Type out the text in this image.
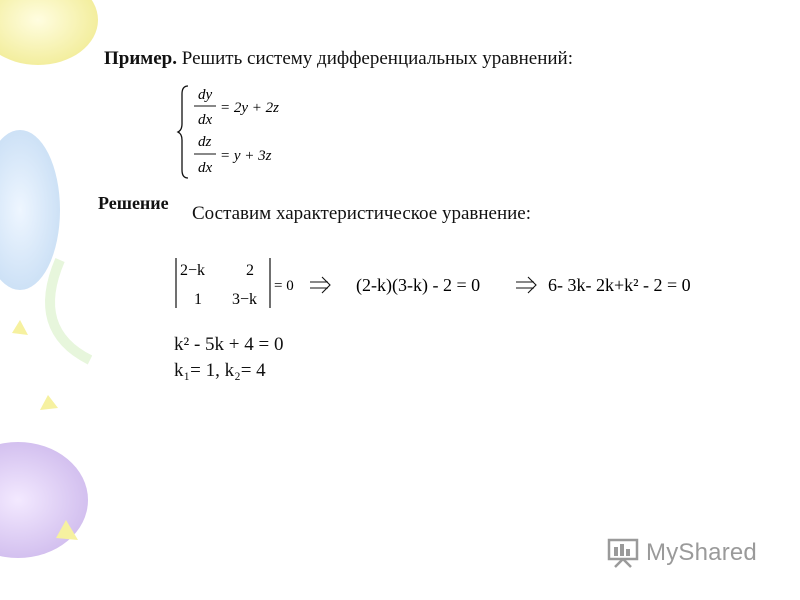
Пример. Решить систему дифференциальных уравнений:
dy
dx
= 2y + 2z
dz
dx
= y + 3z
Решение Составим характеристическое уравнение:
2−k	2
1 3−k
= 0	(2-k)(3-k) - 2 = 0	6- 3k- 2k+k² - 2 = 0
k² - 5k + 4 = 0
k₁= 1, k₂= 4
MyShared
